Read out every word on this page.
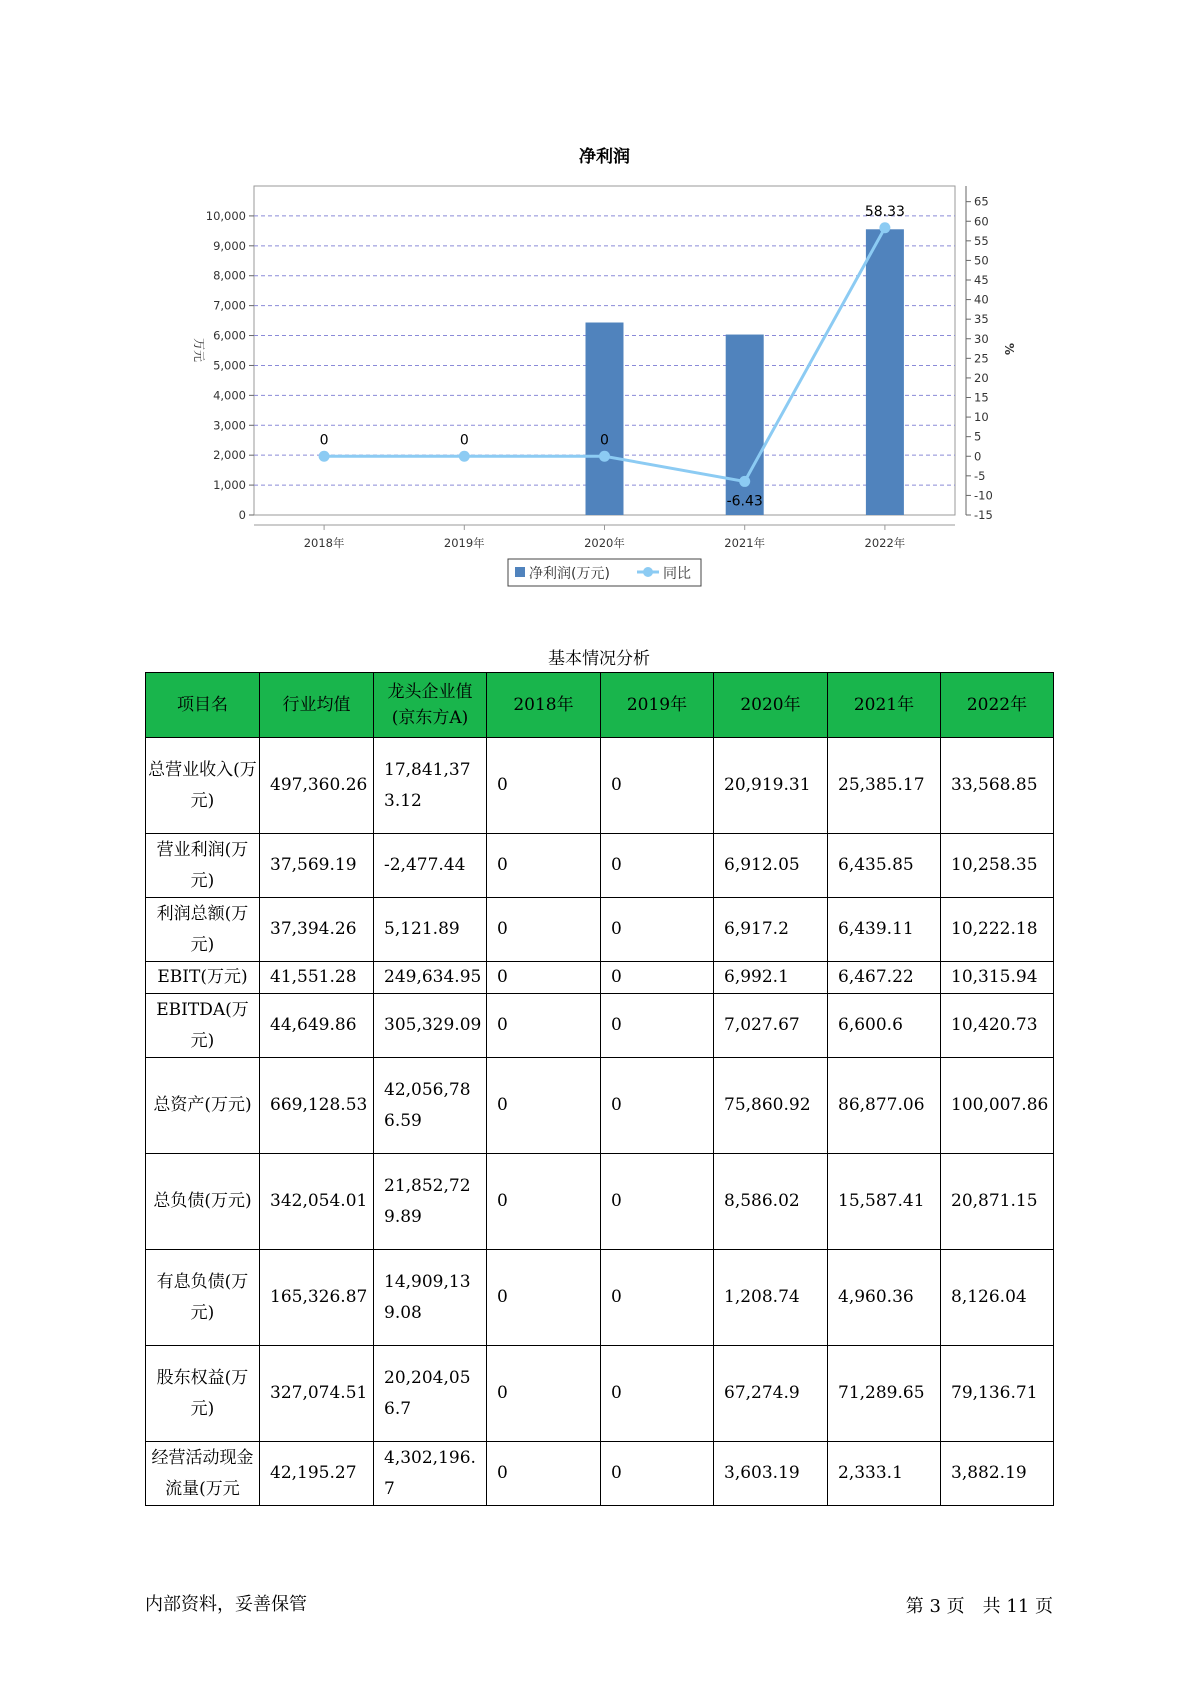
净利润
0
1,000
2,000
3,000
4,000
5,000
6,000
7,000
8,000
9,000
10,000
-15
-10
-5
0
5
10
15
20
25
30
35
40
45
50
55
60
65
万元	%
2018年	2019年	2020年	2021年	2022年
0	0	0
-6.43
58.33
净利润(万元)	同比
基本情况分析
项目名	行业均值	龙头企业值(京东方A)	2018年	2019年	2020年	2021年	2022年
总营业收入(万元)	497,360.26	17,841,373.12	0	0	20,919.31	25,385.17	33,568.85
营业利润(万元)	37,569.19	-2,477.44	0	0	6,912.05	6,435.85	10,258.35
利润总额(万元)	37,394.26	5,121.89	0	0	6,917.2	6,439.11	10,222.18
EBIT(万元)	41,551.28	249,634.95	0	0	6,992.1	6,467.22	10,315.94
EBITDA(万元)	44,649.86	305,329.09	0	0	7,027.67	6,600.6	10,420.73
总资产(万元)	669,128.53	42,056,786.59	0	0	75,860.92	86,877.06	100,007.86
总负债(万元)	342,054.01	21,852,729.89	0	0	8,586.02	15,587.41	20,871.15
有息负债(万元)	165,326.87	14,909,139.08	0	0	1,208.74	4,960.36	8,126.04
股东权益(万元)	327,074.51	20,204,056.7	0	0	67,274.9	71,289.65	79,136.71
经营活动现金流量(万元	42,195.27	4,302,196.7	0	0	3,603.19	2,333.1	3,882.19
内部资料，妥善保管	第 3 页　共 11 页
